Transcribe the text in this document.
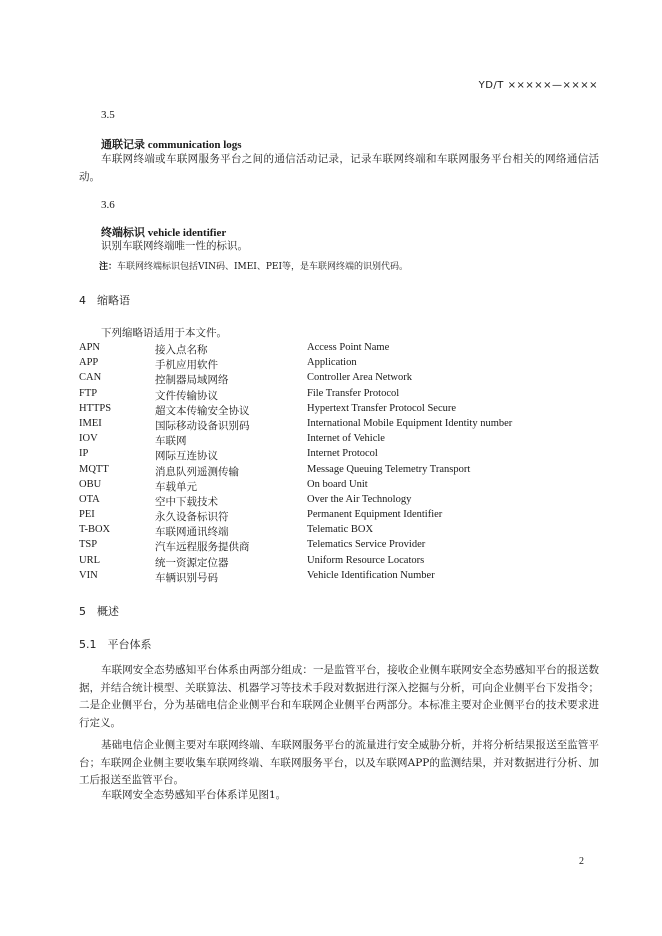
YD/T ×××××—××××
3.5
通联记录 communication logs
车联网终端或车联网服务平台之间的通信活动记录，记录车联网终端和车联网服务平台相关的网络通信活动。
3.6
终端标识 vehicle identifier
识别车联网终端唯一性的标识。
注：车联网终端标识包括VIN码、IMEI、PEI等，是车联网终端的识别代码。
4　缩略语
下列缩略语适用于本文件。
APN	接入点名称	Access Point Name
APP	手机应用软件	Application
CAN	控制器局域网络	Controller Area Network
FTP	文件传输协议	File Transfer Protocol
HTTPS	超文本传输安全协议	Hypertext Transfer Protocol Secure
IMEI	国际移动设备识别码	International Mobile Equipment Identity number
IOV	车联网	Internet of Vehicle
IP	网际互连协议	Internet Protocol
MQTT	消息队列遥测传输	Message Queuing Telemetry Transport
OBU	车载单元	On board Unit
OTA	空中下载技术	Over the Air Technology
PEI	永久设备标识符	Permanent Equipment Identifier
T-BOX	车联网通讯终端	Telematic BOX
TSP	汽车远程服务提供商	Telematics Service Provider
URL	统一资源定位器	Uniform Resource Locators
VIN	车辆识别号码	Vehicle Identification Number
5　概述
5.1　平台体系
车联网安全态势感知平台体系由两部分组成：一是监管平台，接收企业侧车联网安全态势感知平台的报送数据，并结合统计模型、关联算法、机器学习等技术手段对数据进行深入挖掘与分析，可向企业侧平台下发指令；二是企业侧平台，分为基础电信企业侧平台和车联网企业侧平台两部分。本标准主要对企业侧平台的技术要求进行定义。
基础电信企业侧主要对车联网终端、车联网服务平台的流量进行安全威胁分析，并将分析结果报送至监管平台；车联网企业侧主要收集车联网终端、车联网服务平台，以及车联网APP的监测结果，并对数据进行分析、加工后报送至监管平台。
车联网安全态势感知平台体系详见图1。
2
